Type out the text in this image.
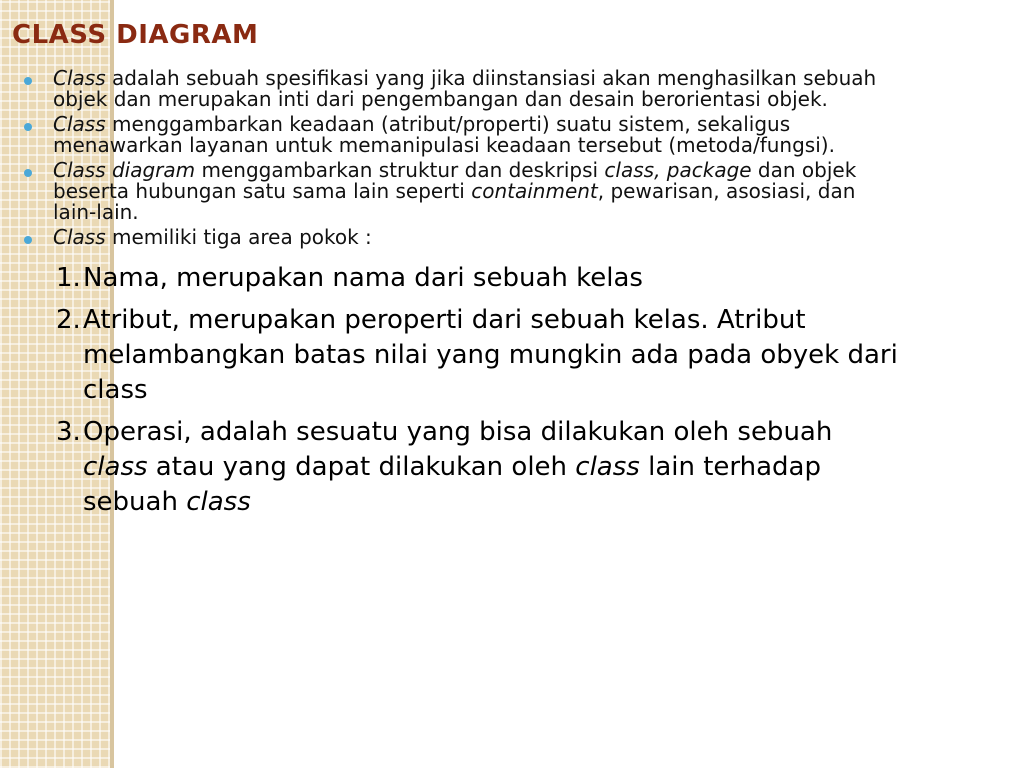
CLASS DIAGRAM
Class adalah sebuah spesifikasi yang jika diinstansiasi akan menghasilkan sebuah objek dan merupakan inti dari pengembangan dan desain berorientasi objek.
Class menggambarkan keadaan (atribut/properti) suatu sistem, sekaligus menawarkan layanan untuk memanipulasi keadaan tersebut (metoda/fungsi).
Class diagram menggambarkan struktur dan deskripsi class, package dan objek beserta hubungan satu sama lain seperti containment, pewarisan, asosiasi, dan lain-lain.
Class memiliki tiga area pokok :
1. Nama, merupakan nama dari sebuah kelas
2. Atribut, merupakan peroperti dari sebuah kelas. Atribut melambangkan batas nilai yang mungkin ada pada obyek dari class
3. Operasi, adalah sesuatu yang bisa dilakukan oleh sebuah class atau yang dapat dilakukan oleh class lain terhadap sebuah class
